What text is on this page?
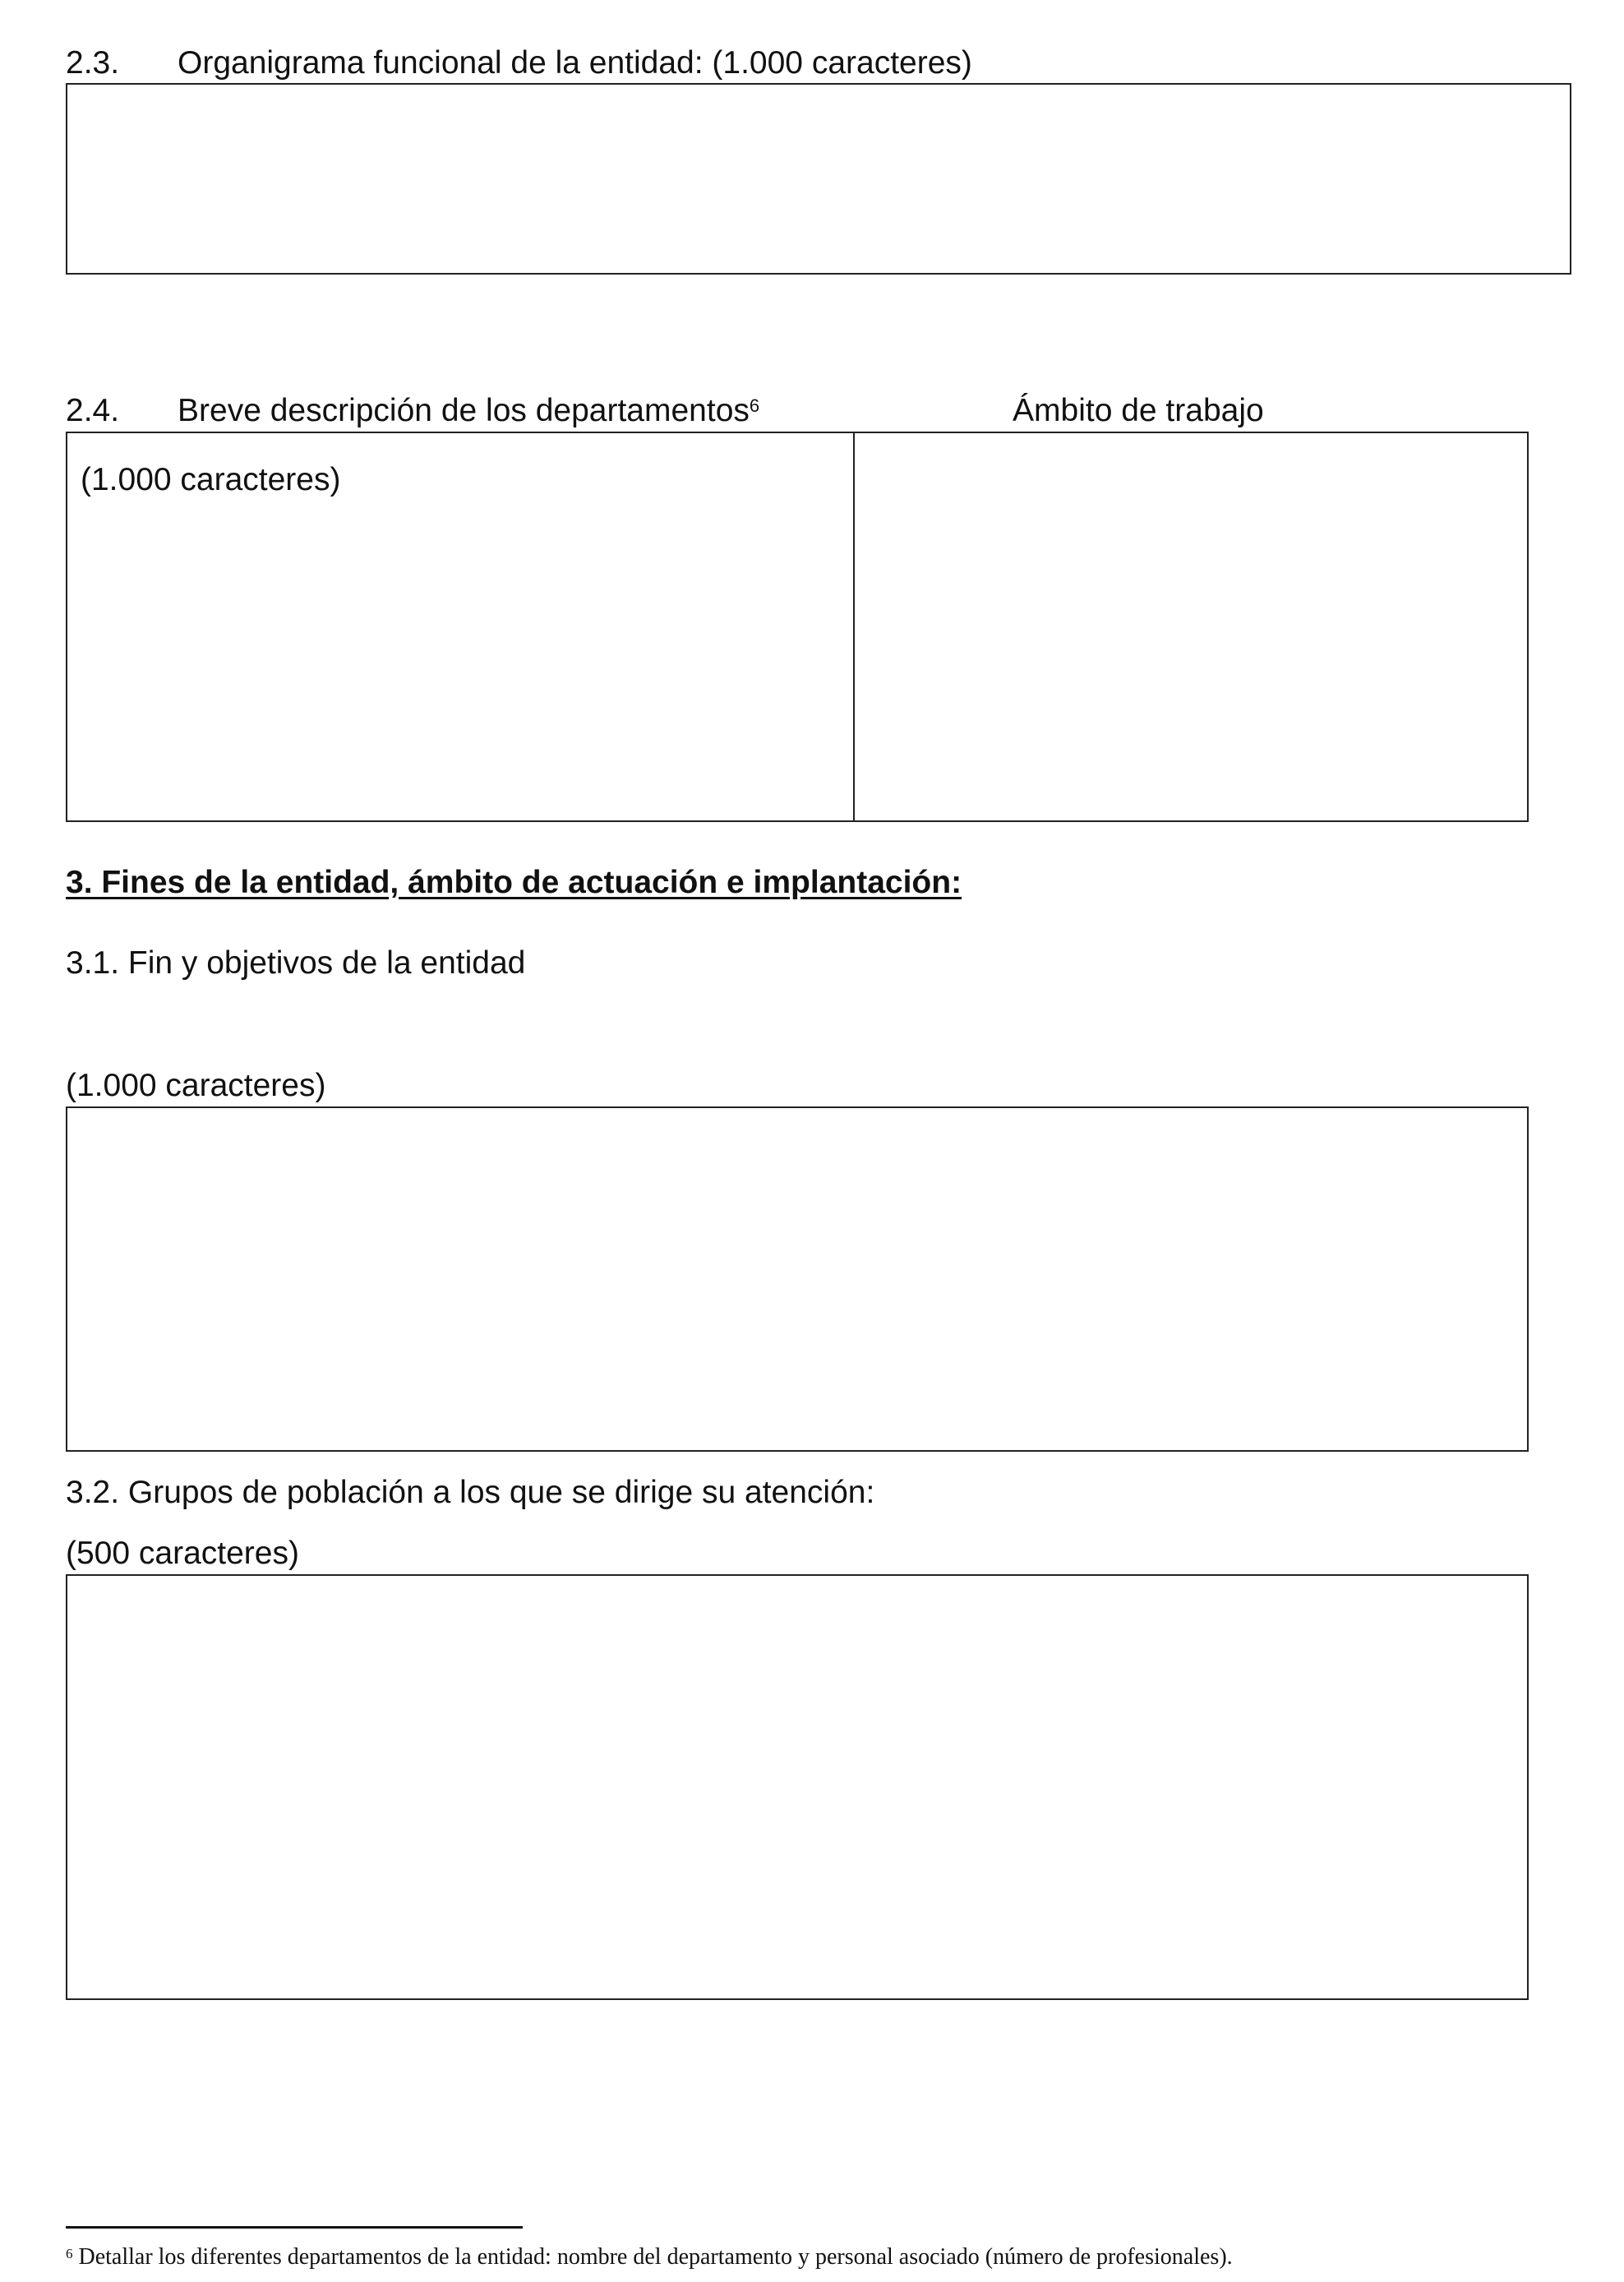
2.3. Organigrama funcional de la entidad: (1.000 caracteres)
2.4. Breve descripción de los departamentos$^6$	Ámbito de trabajo
(1.000 caracteres)
3. Fines de la entidad, ámbito de actuación e implantación:
3.1. Fin y objetivos de la entidad
(1.000 caracteres)
3.2. Grupos de población a los que se dirige su atención:
(500 caracteres)
$^6$ Detallar los diferentes departamentos de la entidad: nombre del departamento y personal asociado (número de profesionales).
